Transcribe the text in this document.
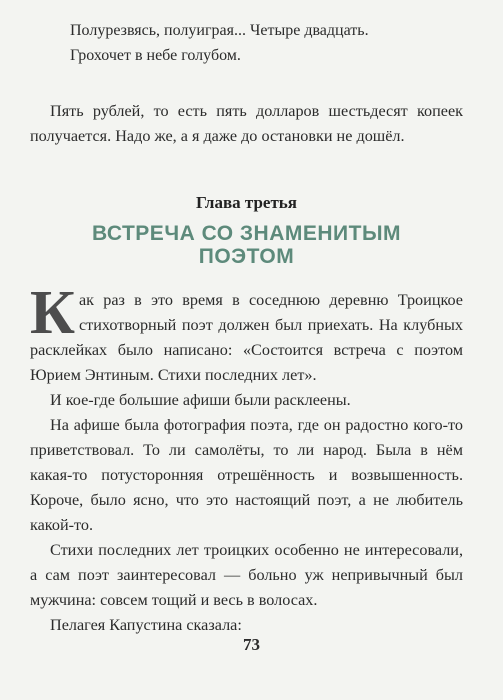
Полурезвясь, полуиграя... Четыре двадцать.
Грохочет в небе голубом.

Пять рублей, то есть пять долларов шестьдесят копеек получается. Надо же, а я даже до остановки не дошёл.

Глава третья
ВСТРЕЧА СО ЗНАМЕНИТЫМ
ПОЭТОМ

Как раз в это время в соседнюю деревню Троицкое стихотворный поэт должен был приехать. На клубных расклейках было написано: «Состоится встреча с поэтом Юрием Энтиным. Стихи последних лет».

И кое-где большие афиши были расклеены.

На афише была фотография поэта, где он радостно кого-то приветствовал. То ли самолёты, то ли народ. Была в нём какая-то потусторонняя отрешённость и возвышенность. Короче, было ясно, что это настоящий поэт, а не любитель какой-то.

Стихи последних лет троицких особенно не интересовали, а сам поэт заинтересовал — больно уж непривычный был мужчина: совсем тощий и весь в волосах.

Пелагея Капустина сказала:

73
